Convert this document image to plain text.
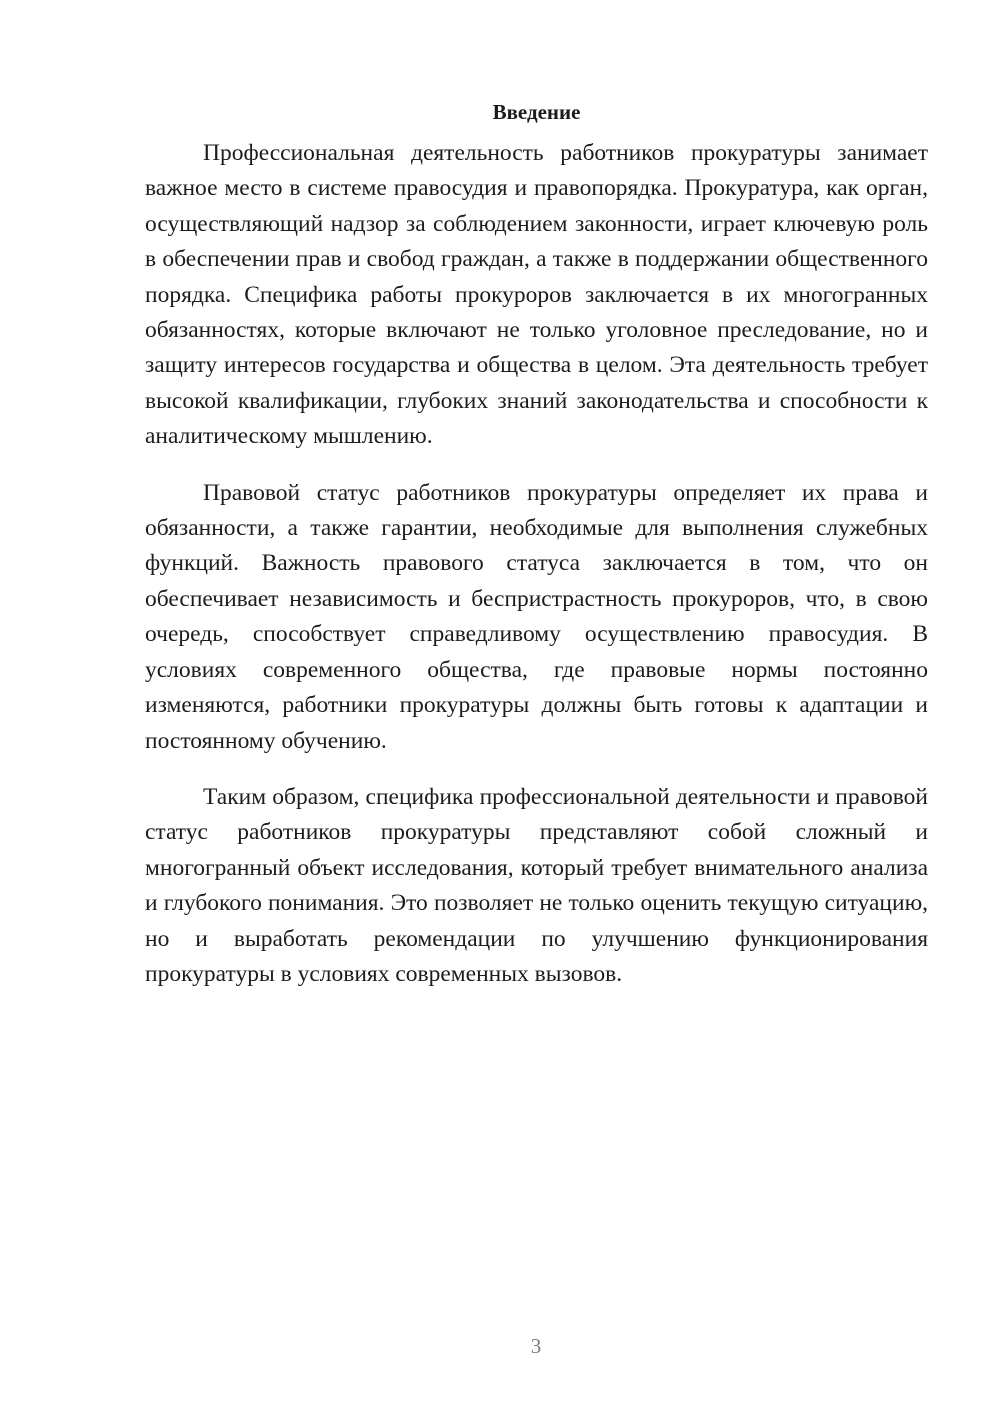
Введение

Профессиональная деятельность работников прокуратуры занимает важное место в системе правосудия и правопорядка. Прокуратура, как орган, осуществляющий надзор за соблюдением законности, играет ключевую роль в обеспечении прав и свобод граждан, а также в поддержании общественного порядка. Специфика работы прокуроров заключается в их многогранных обязанностях, которые включают не только уголовное преследование, но и защиту интересов государства и общества в целом. Эта деятельность требует высокой квалификации, глубоких знаний законодательства и способности к аналитическому мышлению.

Правовой статус работников прокуратуры определяет их права и обязанности, а также гарантии, необходимые для выполнения служебных функций. Важность правового статуса заключается в том, что он обеспечивает независимость и беспристрастность прокуроров, что, в свою очередь, способствует справедливому осуществлению правосудия. В условиях современного общества, где правовые нормы постоянно изменяются, работники прокуратуры должны быть готовы к адаптации и постоянному обучению.

Таким образом, специфика профессиональной деятельности и правовой статус работников прокуратуры представляют собой сложный и многогранный объект исследования, который требует внимательного анализа и глубокого понимания. Это позволяет не только оценить текущую ситуацию, но и выработать рекомендации по улучшению функционирования прокуратуры в условиях современных вызовов.

3
